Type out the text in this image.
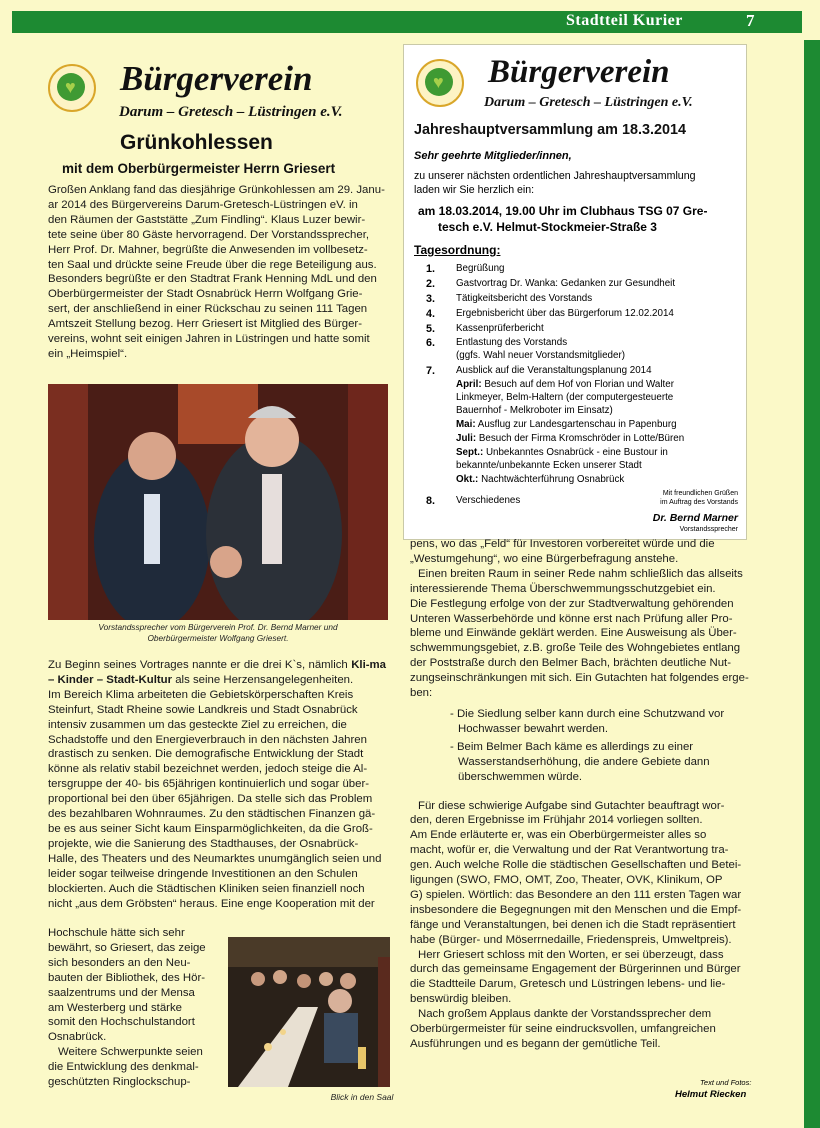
Stadtteil Kurier	7
♥ Bürgerverein
Darum – Gretesch – Lüstringen e.V.
Grünkohlessen
mit dem Oberbürgermeister Herrn Griesert
Großen Anklang fand das diesjährige Grünkohlessen am 29. Janu-
ar 2014 des Bürgervereins Darum-Gretesch-Lüstringen eV. in
den Räumen der Gaststätte „Zum Findling“. Klaus Luzer bewir-
tete seine über 80 Gäste hervorragend. Der Vorstandssprecher,
Herr Prof. Dr. Mahner, begrüßte die Anwesenden im vollbesetz-
ten Saal und drückte seine Freude über die rege Beteiligung aus.
Besonders begrüßte er den Stadtrat Frank Henning MdL und den
Oberbürgermeister der Stadt Osnabrück Herrn Wolfgang Grie-
sert, der anschließend in einer Rückschau zu seinen 111 Tagen
Amtszeit Stellung bezog. Herr Griesert ist Mitglied des Bürger-
vereins, wohnt seit einigen Jahren in Lüstringen und hatte somit
ein „Heimspiel“.
Vorstandssprecher vom Bürgerverein Prof. Dr. Bernd Marner und
Oberbürgermeister Wolfgang Griesert.
Zu Beginn seines Vortrages nannte er die drei K`s, nämlich Kli-ma – Kinder – Stadt-Kultur als seine Herzensangelegenheiten.
Im Bereich Klima arbeiteten die Gebietskörperschaften Kreis
Steinfurt, Stadt Rheine sowie Landkreis und Stadt Osnabrück
intensiv zusammen um das gesteckte Ziel zu erreichen, die
Schadstoffe und den Energieverbrauch in den nächsten Jahren
drastisch zu senken. Die demografische Entwicklung der Stadt
könne als relativ stabil bezeichnet werden, jedoch steige die Al-
tersgruppe der 40- bis 65jährigen kontinuierlich und sogar über-
proportional bei den über 65jährigen. Da stelle sich das Problem
des bezahlbaren Wohnraumes. Zu den städtischen Finanzen gä-
be es aus seiner Sicht kaum Einsparmöglichkeiten, da die Groß-
projekte, wie die Sanierung des Stadthauses, der Osnabrück-
Halle, des Theaters und des Neumarktes unumgänglich seien und
leider sogar teilweise dringende Investitionen an den Schulen
blockierten. Auch die Städtischen Kliniken seien finanziell noch
nicht „aus dem Gröbsten“ heraus. Eine enge Kooperation mit der
Hochschule hätte sich sehr
bewährt, so Griesert, das zeige
sich besonders an den Neu-
bauten der Bibliothek, des Hör-
saalzentrums und der Mensa
am Westerberg und stärke
somit den Hochschulstandort
Osnabrück.
Weitere Schwerpunkte seien
die Entwicklung des denkmal-
geschützten Ringlockschup-
Blick in den Saal
♥ Bürgerverein
Darum – Gretesch – Lüstringen e.V.
Jahreshauptversammlung am 18.3.2014
Sehr geehrte Mitglieder/innen,
zu unserer nächsten ordentlichen Jahreshauptversammlung
laden wir Sie herzlich ein:
am 18.03.2014, 19.00 Uhr im Clubhaus TSG 07 Gre-
tesch e.V. Helmut-Stockmeier-Straße 3
Tagesordnung:
1. Begrüßung
2. Gastvortrag Dr. Wanka: Gedanken zur Gesundheit
3. Tätigkeitsbericht des Vorstands
4. Ergebnisbericht über das Bürgerforum 12.02.2014
5. Kassenprüferbericht
6. Entlastung des Vorstands
(ggfs. Wahl neuer Vorstandsmitglieder)
7. Ausblick auf die Veranstaltungsplanung 2014
April: Besuch auf dem Hof von Florian und Walter
Linkmeyer, Belm-Haltern (der computergesteuerte
Bauernhof - Melkroboter im Einsatz)
Mai: Ausflug zur Landesgartenschau in Papenburg
Juli: Besuch der Firma Kromschröder in Lotte/Büren
Sept.: Unbekanntes Osnabrück - eine Bustour in
bekannte/unbekannte Ecken unserer Stadt
Okt.: Nachtwächterführung Osnabrück
8. Verschiedenes
Mit freundlichen Grüßen
im Auftrag des Vorstands
Dr. Bernd Marner
Vorstandssprecher
pens, wo das „Feld“ für Investoren vorbereitet würde und die
„Westumgehung“, wo eine Bürgerbefragung anstehe.
Einen breiten Raum in seiner Rede nahm schließlich das allseits
interessierende Thema Überschwemmungsschutzgebiet ein.
Die Festlegung erfolge von der zur Stadtverwaltung gehörenden
Unteren Wasserbehörde und könne erst nach Prüfung aller Pro-
bleme und Einwände geklärt werden. Eine Ausweisung als Über-
schwemmungsgebiet, z.B. große Teile des Wohngebietes entlang
der Poststraße durch den Belmer Bach, brächten deutliche Nut-
zungseinschränkungen mit sich. Ein Gutachten hat folgendes erge-
ben:
- Die Siedlung selber kann durch eine Schutzwand vor
Hochwasser bewahrt werden.
- Beim Belmer Bach käme es allerdings zu einer
Wasserstandserhöhung, die andere Gebiete dann
überschwemmen würde.
Für diese schwierige Aufgabe sind Gutachter beauftragt wor-
den, deren Ergebnisse im Frühjahr 2014 vorliegen sollten.
Am Ende erläuterte er, was ein Oberbürgermeister alles so
macht, wofür er, die Verwaltung und der Rat Verantwortung tra-
gen. Auch welche Rolle die städtischen Gesellschaften und Betei-
ligungen (SWO, FMO, OMT, Zoo, Theater, OVK, Klinikum, OP
G) spielen. Wörtlich: das Besondere an den 111 ersten Tagen war
insbesondere die Begegnungen mit den Menschen und die Empf-
fänge und Veranstaltungen, bei denen ich die Stadt repräsentiert
habe (Bürger- und Möserrnedaille, Friedenspreis, Umweltpreis).
Herr Griesert schloss mit den Worten, er sei überzeugt, dass
durch das gemeinsame Engagement der Bürgerinnen und Bürger
die Stadtteile Darum, Gretesch und Lüstringen lebens- und lie-
benswürdig bleiben.
Nach großem Applaus dankte der Vorstandssprecher dem
Oberbürgermeister für seine eindrucksvollen, umfangreichen
Ausführungen und es begann der gemütliche Teil.
Text und Fotos:
Helmut Riecken
